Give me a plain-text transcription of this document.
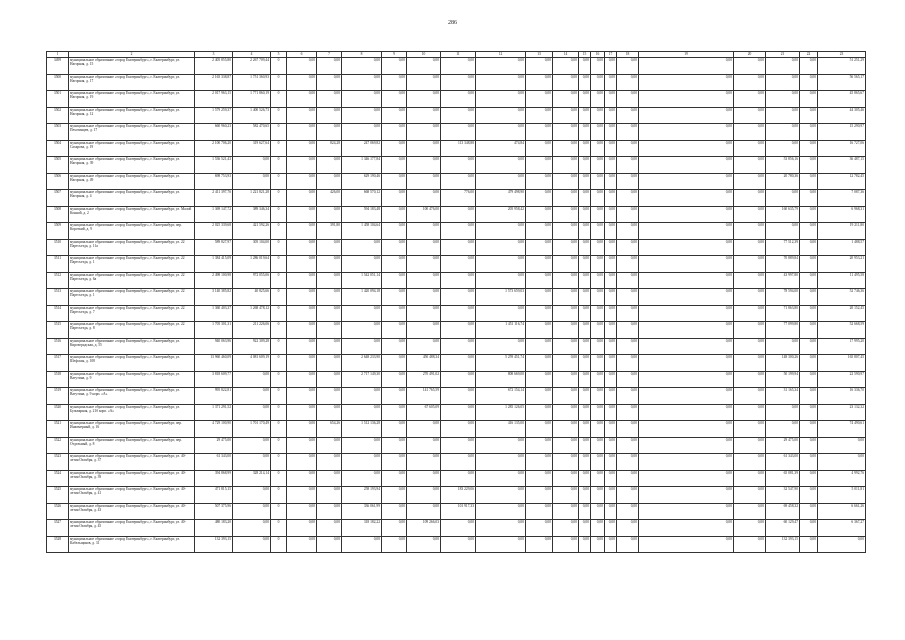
286
1	2	3	4	5	6	7	8	9	10	11	12	13	14	15	16	17	18	19	20	21	22	23
3499	муниципальное образование «город Екатеринбург», г. Екатеринбург, ул. Нагорная, д. 15	2 405 855,80	2 267 709,44	0	0,00	0,00	0,00	0,00	0,00	0,00	0,00	0,00	0,00	0,00	0,00	0,00	0,00	0,00	0,00	0,00	0,00	51 251,29
3500	муниципальное образование «город Екатеринбург», г. Екатеринбург, ул. Нагорная, д. 17	2 165 338,87	1 751 360,93	0	0,00	0,00	0,00	0,00	0,00	0,00	0,00	0,00	0,00	0,00	0,00	0,00	0,00	0,00	0,00	0,00	0,00	56 565,17
3501	муниципальное образование «город Екатеринбург», г. Екатеринбург, ул. Нагорная, д. 19	2 017 963,15	1 771 860,19	0	0,00	0,00	0,00	0,00	0,00	0,00	0,00	0,00	0,00	0,00	0,00	0,00	0,00	0,00	0,00	0,00	0,00	45 865,67
3502	муниципальное образование «город Екатеринбург», г. Екатеринбург, ул. Нагорная, д. 12	1 579 259,37	1 400 526,73	0	0,00	0,00	0,00	0,00	0,00	0,00	0,00	0,00	0,00	0,00	0,00	0,00	0,00	0,00	0,00	0,00	0,00	44 305,46
3503	муниципальное образование «город Екатеринбург», г. Екатеринбург, ул. Пехотинцев, д. 17	660 960,23	582 470,65	0	0,00	0,00	0,00	0,00	0,00	0,00	0,00	0,00	0,00	0,00	0,00	0,00	0,00	0,00	0,00	0,00	0,00	15 290,97
3504	муниципальное образование «город Екатеринбург», г. Екатеринбург, ул. Сахарова, д. 19	2 100 706,20	319 627,64	0	0,00	824,28	247 069,82	0,00	0,00	113 348,88	474,84	0,00	0,00	0,00	0,00	0,00	0,00	0,00	0,00	0,00	0,00	16 727,06
3505	муниципальное образование «город Екатеринбург», г. Екатеринбург, ул. Нагорная, д. 39	1 536 521,43	0,00	0	0,00	0,00	1 346 177,84	0,00	0,00	0,00	0,00	0,00	0,00	0,00	0,00	0,00	0,00	0,00	0,00	53 856,16	0,00	36 487,15
3506	муниципальное образование «город Екатеринбург», г. Екатеринбург, ул. Нагорная, д. 49	698 753,93	0,00	0	0,00	0,00	629 190,46	0,00	0,00	0,00	0,00	0,00	0,00	0,00	0,00	0,00	0,00	0,00	0,00	20 780,36	0,00	12 782,45
3507	муниципальное образование «город Екатеринбург», г. Екатеринбург, ул. Нагорная, д. 4	2 411 397,76	1 221 821,28	0	0,00	426,00	668 570,12	0,00	0,00	776,00	479 498,90	0,00	0,00	0,00	0,00	0,00	0,00	0,00	0,00	0,00	0,00	7 087,36
3508	муниципальное образование «город Екатеринбург», г. Екатеринбург, ул. Малой Конной, д. 2	1 369 147,72	389 346,34	0	0,00	0,00	594 183,48	0,00	100 476,00	0,00	205 958,42	0,00	0,00	0,00	0,00	0,00	0,00	0,00	0,00	160 635,79	0,00	6 968,31
3509	муниципальное образование «город Екатеринбург», г. Екатеринбург, пер. Короткий, д. 9	2 025 339,68	421 592,26	0	0,00	391,80	1 458 104,64	0,00	0,00	0,00	0,00	0,00	0,00	0,00	0,00	0,00	0,00	0,00	0,00	0,00	0,00	19 211,80
3510	муниципальное образование «город Екатеринбург», г. Екатеринбург, ул. 22 Партсъезда, д. 11а	589 827,97	305 104,00	0	0,00	0,00	0,00	0,00	0,00	0,00	0,00	0,00	0,00	0,00	0,00	0,00	0,00	0,00	0,00	77 512,39	0,00	1 488,57
3511	муниципальное образование «город Екатеринбург», г. Екатеринбург, ул. 22 Партсъезда, д. 1	1 384 415,09	1 286 019,64	0	0,00	0,00	0,00	0,00	0,00	0,00	0,00	0,00	0,00	0,00	0,00	0,00	0,00	0,00	0,00	70 889,84	0,00	20 953,21
3512	муниципальное образование «город Екатеринбург», г. Екатеринбург, ул. 22 Партсъезда, д. 6а	2 498 100,98	972 055,06	0	0,00	0,00	1 542 051,14	0,00	0,00	0,00	0,00	0,00	0,00	0,00	0,00	0,00	0,00	0,00	0,00	43 997,80	0,00	11 495,58
3513	муниципальное образование «город Екатеринбург», г. Екатеринбург, ул. 22 Партсъезда, д. 1	3 140 385,82	40 825,66	0	0,00	0,00	1 420 094,18	0,00	0,00	0,00	1 573 659,03	0,00	0,00	0,00	0,00	0,00	0,00	0,00	0,00	78 594,00	0,00	52 746,36
3514	муниципальное образование «город Екатеринбург», г. Екатеринбург, ул. 22 Партсъезда, д. 7	1 360 403,37	1 268 478,12	0	0,00	0,00	0,00	0,00	0,00	0,00	0,00	0,00	0,00	0,00	0,00	0,00	0,00	0,00	0,00	71 863,80	0,00	20 152,45
3515	муниципальное образование «город Екатеринбург», г. Екатеринбург, ул. 22 Партсъезда, д. 8	1 705 301,31	211 226,06	0	0,00	0,00	0,00	0,00	0,00	0,00	1 451 116,74	0,00	0,00	0,00	0,00	0,00	0,00	0,00	0,00	77 099,80	0,00	52 668,59
3516	муниципальное образование «город Екатеринбург», г. Екатеринбург, ул. Кировградская, д. 55	940 063,96	922 309,28	0	0,00	0,00	0,00	0,00	0,00	0,00	0,00	0,00	0,00	0,00	0,00	0,00	0,00	0,00	0,00	0,00	0,00	17 995,20
3517	муниципальное образование «город Екатеринбург», г. Екатеринбург, ул. Шефская, д. 108	13 960 460,09	4 081 609,19	0	0,00	0,00	2 648 233,90	0,00	450 488,34	0,00	5 259 451,74	0,00	0,00	0,00	0,00	0,00	0,00	0,00	0,00	148 300,26	0,00	165 807,45
3518	муниципальное образование «город Екатеринбург», г. Екатеринбург, ул. Ватутина, д. 9	3 818 609,77	0,00	0	0,00	0,00	2 717 149,30	0,00	270 491,02	0,00	808 669,00	0,00	0,00	0,00	0,00	0,00	0,00	0,00	0,00	50 199,94	0,00	22 590,97
3519	муниципальное образование «город Екатеринбург», г. Екатеринбург, ул. Ватутина, д. 9 корп. «А»	995 822,81	0,00	0	0,00	0,00	0,00	0,00	141 765,59	0,00	672 154,14	0,00	0,00	0,00	0,00	0,00	0,00	0,00	0,00	31 165,34	0,00	16 336,70
3520	муниципальное образование «город Екатеринбург», г. Екатеринбург, ул. Бульварная, д. 21б корп. «А»	1 371 291,52	0,00	0	0,00	0,00	0,00	0,00	67 605,09	0,00	1 285 126,05	0,00	0,00	0,00	0,00	0,00	0,00	0,00	0,00	0,00	0,00	23 132,32
3521	муниципальное образование «город Екатеринбург», г. Екатеринбург, пер. Инженерный, д. 16	4 729 100,90	1 701 170,49	0	0,00	654,26	1 512 136,28	0,00	0,00	0,00	416 135,00	0,00	0,00	0,00	0,00	0,00	0,00	0,00	0,00	0,00	0,00	74 490,61
3522	муниципальное образование «город Екатеринбург», г. Екатеринбург, пер. Отдельный, д. 8	29 475,00	0,00	0	0,00	0,00	0,00	0,00	0,00	0,00	0,00	0,00	0,00	0,00	0,00	0,00	0,00	0,00	0,00	29 475,00	0,00	0,00
3523	муниципальное образование «город Екатеринбург», г. Екатеринбург, ул. 40-летия Октября, д. 37	61 343,00	0,00	0	0,00	0,00	0,00	0,00	0,00	0,00	0,00	0,00	0,00	0,00	0,00	0,00	0,00	0,00	0,00	61 343,00	0,00	0,00
3524	муниципальное образование «город Екатеринбург», г. Екатеринбург, ул. 40-летия Октября, д. 39	394 868,99	328 214,14	0	0,00	0,00	0,00	0,00	0,00	0,00	0,00	0,00	0,00	0,00	0,00	0,00	0,00	0,00	0,00	65 081,39	0,00	4 992,76
3525	муниципальное образование «город Екатеринбург», г. Екатеринбург, ул. 40-летия Октября, д. 41	471 815,15	0,00	0	0,00	0,00	258 193,94	0,00	0,00	183 229,06	0,00	0,00	0,00	0,00	0,00	0,00	0,00	0,00	0,00	32 547,90	0,00	5 011,81
3526	муниципальное образование «город Екатеринбург», г. Екатеринбург, ул. 40-летия Октября, д. 43	507 375,96	0,00	0	0,00	0,00	336 061,99	0,00	0,00	101 917,33	0,00	0,00	0,00	0,00	0,00	0,00	0,00	0,00	0,00	69 458,32	0,00	6 661,26
3527	муниципальное образование «город Екатеринбург», г. Екатеринбург, ул. 40-летия Октября, д. 45	480 183,20	0,00	0	0,00	0,00	318 182,22	0,00	109 266,03	0,00	0,00	0,00	0,00	0,00	0,00	0,00	0,00	0,00	0,00	60 129,47	0,00	6 367,27
3528	муниципальное образование «город Екатеринбург», г. Екатеринбург, ул. Кабельщиков, д. 31	132 393,15	0,00	0	0,00	0,00	0,00	0,00	0,00	0,00	0,00	0,00	0,00	0,00	0,00	0,00	0,00	0,00	0,00	132 393,15	0,00	0,00
